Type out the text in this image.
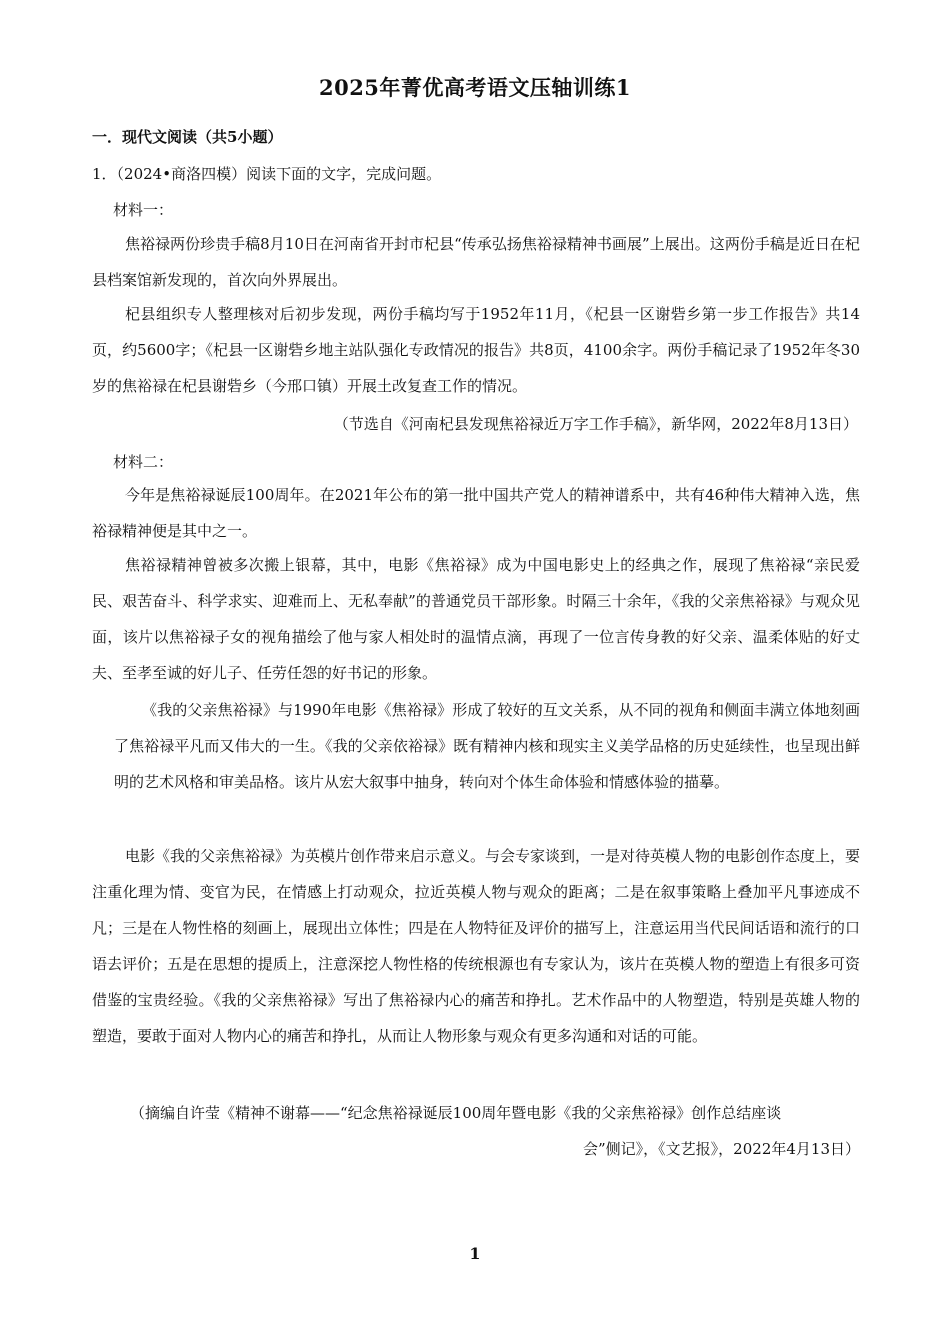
2025年菁优高考语文压轴训练1
一．现代文阅读（共5小题）
1．（2024•商洛四模）阅读下面的文字，完成问题。
材料一：

焦裕禄两份珍贵手稿8月10日在河南省开封市杞县“传承弘扬焦裕禄精神书画展”上展出。这两份手稿是近日在杞县档案馆新发现的，首次向外界展出。

杞县组织专人整理核对后初步发现，两份手稿均写于1952年11月，《杞县一区谢砦乡第一步工作报告》共14页，约5600字；《杞县一区谢砦乡地主站队强化专政情况的报告》共8页，4100余字。两份手稿记录了1952年冬30岁的焦裕禄在杞县谢砦乡（今邢口镇）开展土改复查工作的情况。

（节选自《河南杞县发现焦裕禄近万字工作手稿》，新华网，2022年8月13日）
材料二：

今年是焦裕禄诞辰100周年。在2021年公布的第一批中国共产党人的精神谱系中，共有46种伟大精神入选，焦裕禄精神便是其中之一。

焦裕禄精神曾被多次搬上银幕，其中，电影《焦裕禄》成为中国电影史上的经典之作，展现了焦裕禄“亲民爱民、艰苦奋斗、科学求实、迎难而上、无私奉献”的普通党员干部形象。时隔三十余年，《我的父亲焦裕禄》与观众见面，该片以焦裕禄子女的视角描绘了他与家人相处时的温情点滴，再现了一位言传身教的好父亲、温柔体贴的好丈夫、至孝至诚的好儿子、任劳任怨的好书记的形象。

《我的父亲焦裕禄》与1990年电影《焦裕禄》形成了较好的互文关系，从不同的视角和侧面丰满立体地刻画了焦裕禄平凡而又伟大的一生。《我的父亲依裕禄》既有精神内核和现实主义美学品格的历史延续性，也呈现出鲜明的艺术风格和审美品格。该片从宏大叙事中抽身，转向对个体生命体验和情感体验的描摹。

电影《我的父亲焦裕禄》为英模片创作带来启示意义。与会专家谈到，一是对待英模人物的电影创作态度上，要注重化理为情、变官为民，在情感上打动观众，拉近英模人物与观众的距离；二是在叙事策略上叠加平凡事迹成不凡；三是在人物性格的刻画上，展现出立体性；四是在人物特征及评价的描写上，注意运用当代民间话语和流行的口语去评价；五是在思想的提质上，注意深挖人物性格的传统根源也有专家认为，该片在英模人物的塑造上有很多可资借鉴的宝贵经验。《我的父亲焦裕禄》写出了焦裕禄内心的痛苦和挣扎。艺术作品中的人物塑造，特别是英雄人物的塑造，要敢于面对人物内心的痛苦和挣扎，从而让人物形象与观众有更多沟通和对话的可能。

（摘编自许莹《精神不谢幕——“纪念焦裕禄诞辰100周年暨电影《我的父亲焦裕禄》创作总结座谈
会”侧记》，《文艺报》，2022年4月13日）
1
